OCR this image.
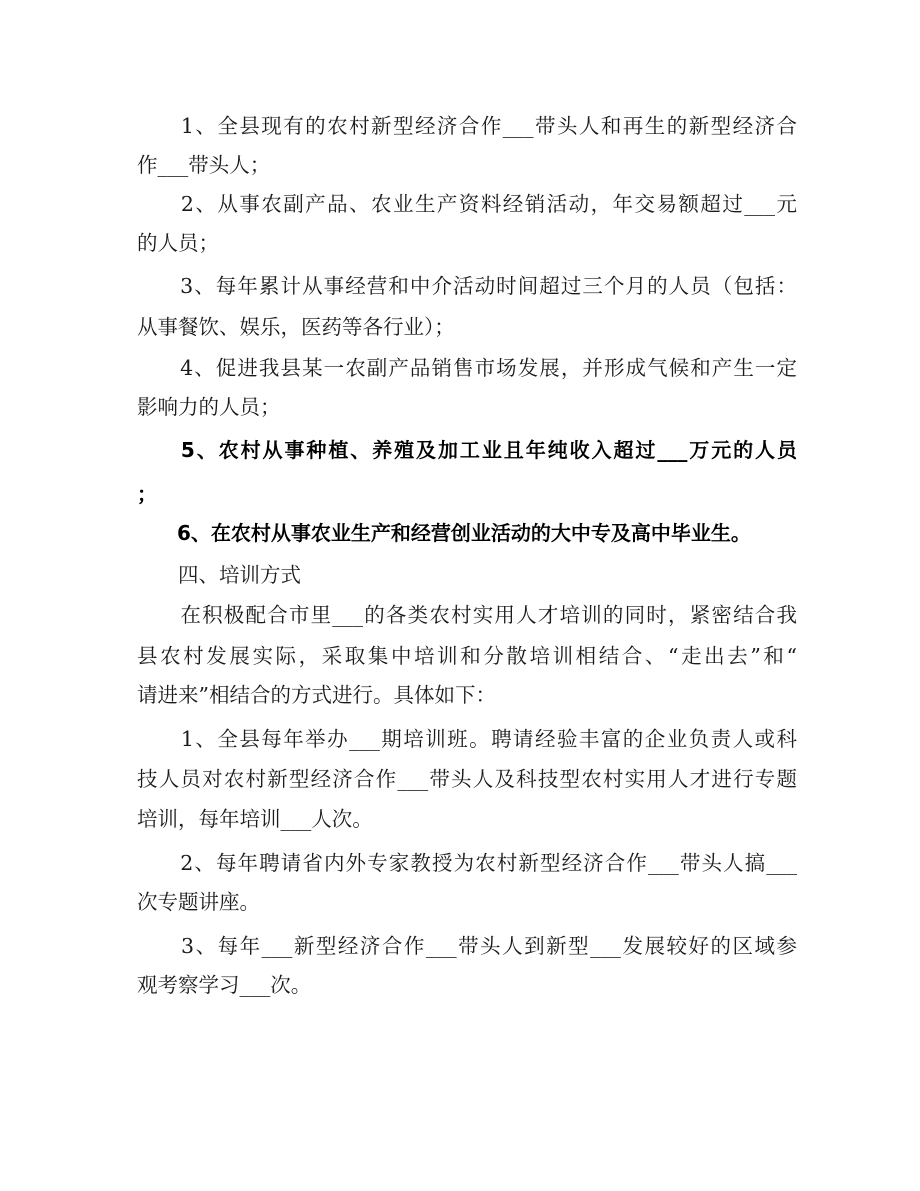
　　1、全县现有的农村新型经济合作___带头人和再生的新型经济合
作___带头人；
　　2、从事农副产品、农业生产资料经销活动，年交易额超过___元
的人员；
　　3、每年累计从事经营和中介活动时间超过三个月的人员（包括：
从事餐饮、娱乐，医药等各行业）；
　　4、促进我县某一农副产品销售市场发展，并形成气候和产生一定
影响力的人员；
　　5、农村从事种植、养殖及加工业且年纯收入超过___万元的人员
；
　　6、在农村从事农业生产和经营创业活动的大中专及高中毕业生。
　　四、培训方式
　　在积极配合市里___的各类农村实用人才培训的同时，紧密结合我
县农村发展实际，采取集中培训和分散培训相结合、“走出去”和“
请进来”相结合的方式进行。具体如下：
　　1、全县每年举办___期培训班。聘请经验丰富的企业负责人或科
技人员对农村新型经济合作___带头人及科技型农村实用人才进行专题
培训，每年培训___人次。
　　2、每年聘请省内外专家教授为农村新型经济合作___带头人搞___
次专题讲座。
　　3、每年___新型经济合作___带头人到新型___发展较好的区域参
观考察学习___次。
